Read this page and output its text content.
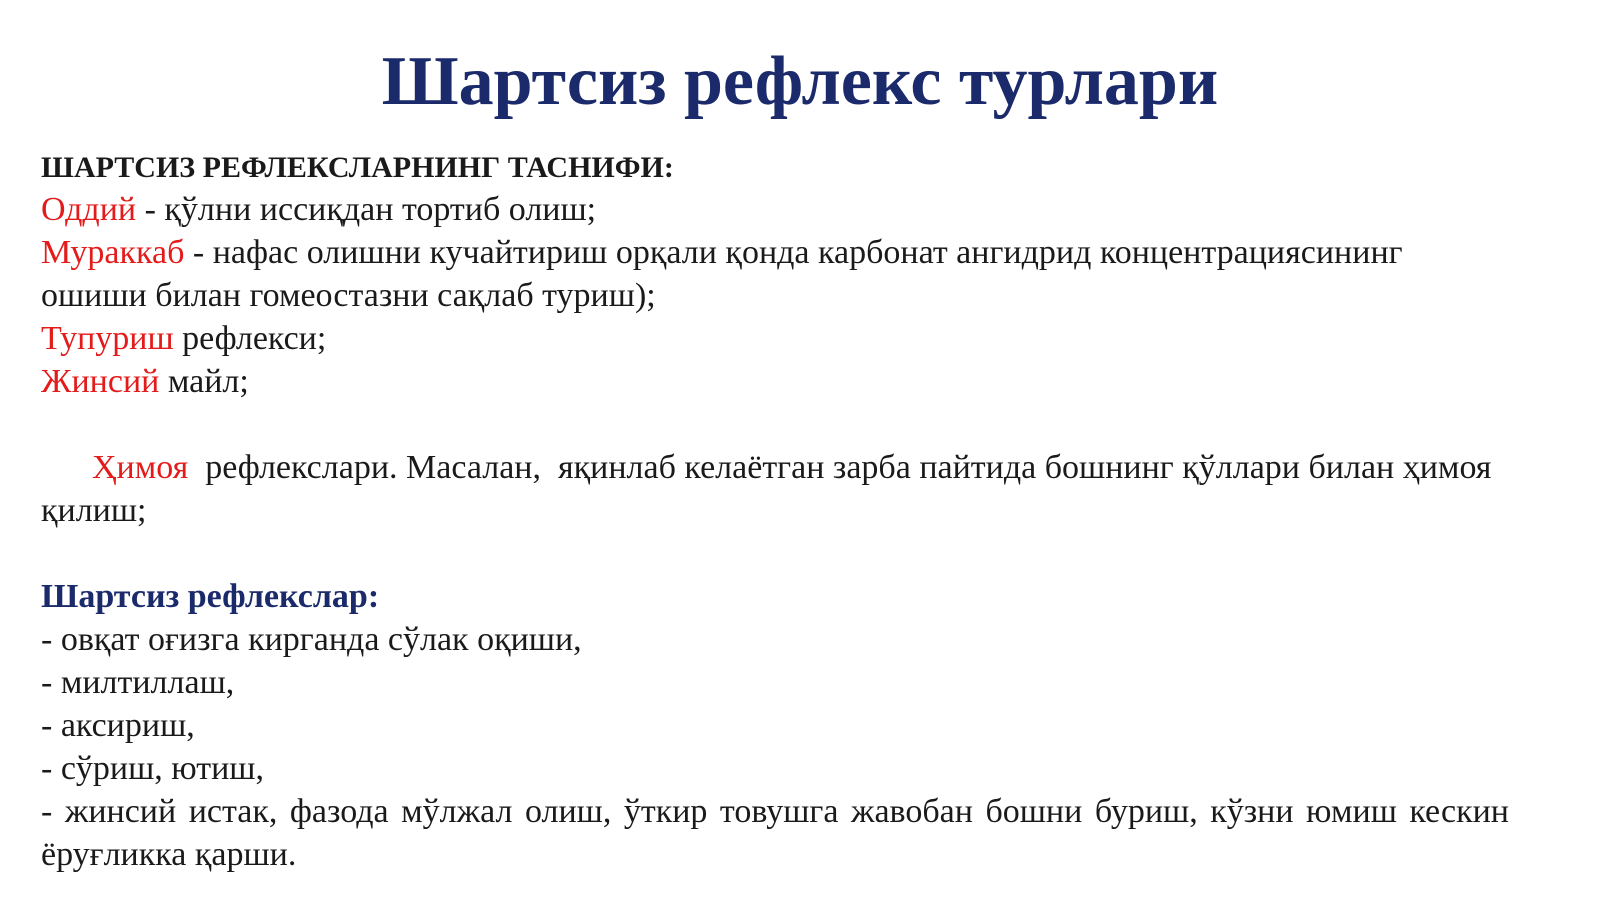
Шартсиз рефлекс турлари

ШАРТСИЗ РЕФЛЕКСЛАРНИНГ ТАСНИФИ:

Оддий - қўлни иссиқдан тортиб олиш;

Мураккаб - нафас олишни кучайтириш орқали қонда карбонат ангидрид концентрациясининг ошиши билан гомеостазни сақлаб туриш);

Тупуриш рефлекси;

Жинсий майл;

Ҳимоя  рефлекслари. Масалан,  яқинлаб келаётган зарба пайтида бошнинг қўллари билан ҳимоя қилиш;

Шартсиз рефлекслар:

- овқат оғизга кирганда сўлак оқиши,

- милтиллаш,

- аксириш,

- сўриш, ютиш,

- жинсий истак, фазода мўлжал олиш, ўткир товушга жавобан бошни буриш, кўзни юмиш кескин ёруғликка қарши.
